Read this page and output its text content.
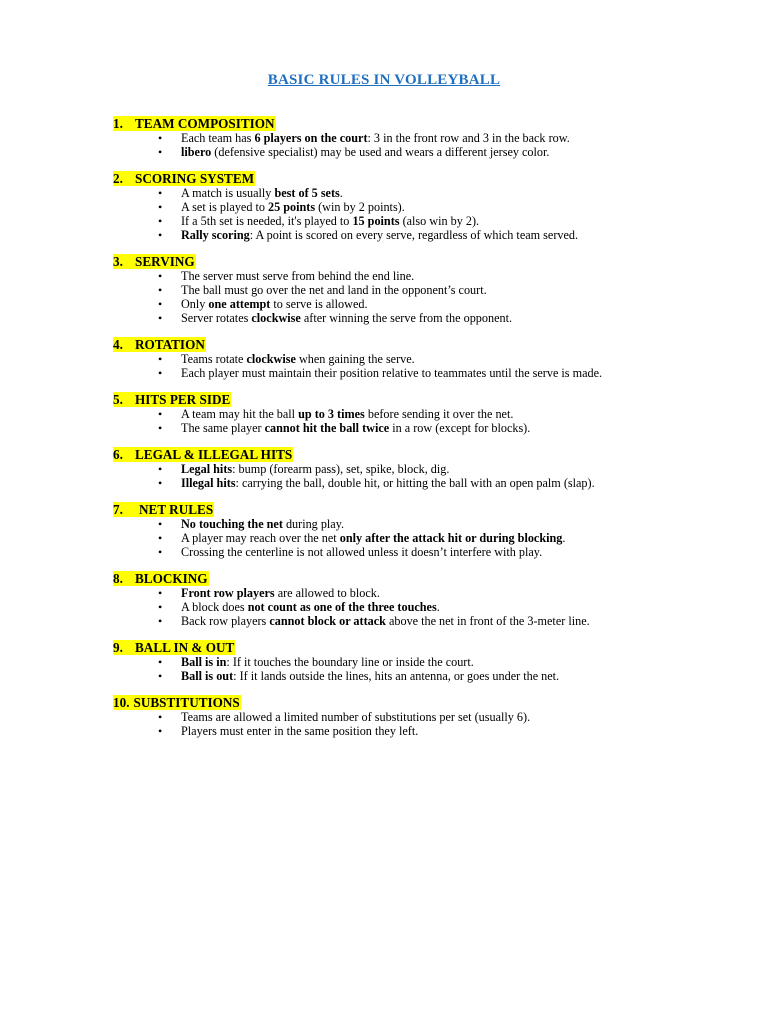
BASIC RULES IN VOLLEYBALL
1. TEAM COMPOSITION
• Each team has 6 players on the court: 3 in the front row and 3 in the back row.
• libero (defensive specialist) may be used and wears a different jersey color.
2. SCORING SYSTEM
• A match is usually best of 5 sets.
• A set is played to 25 points (win by 2 points).
• If a 5th set is needed, it's played to 15 points (also win by 2).
• Rally scoring: A point is scored on every serve, regardless of which team served.
3. SERVING
• The server must serve from behind the end line.
• The ball must go over the net and land in the opponent’s court.
• Only one attempt to serve is allowed.
• Server rotates clockwise after winning the serve from the opponent.
4. ROTATION
• Teams rotate clockwise when gaining the serve.
• Each player must maintain their position relative to teammates until the serve is made.
5. HITS PER SIDE
• A team may hit the ball up to 3 times before sending it over the net.
• The same player cannot hit the ball twice in a row (except for blocks).
6. LEGAL & ILLEGAL HITS
• Legal hits: bump (forearm pass), set, spike, block, dig.
• Illegal hits: carrying the ball, double hit, or hitting the ball with an open palm (slap).
7. NET RULES
• No touching the net during play.
• A player may reach over the net only after the attack hit or during blocking.
• Crossing the centerline is not allowed unless it doesn’t interfere with play.
8. BLOCKING
• Front row players are allowed to block.
• A block does not count as one of the three touches.
• Back row players cannot block or attack above the net in front of the 3-meter line.
9. BALL IN & OUT
• Ball is in: If it touches the boundary line or inside the court.
• Ball is out: If it lands outside the lines, hits an antenna, or goes under the net.
10. SUBSTITUTIONS
• Teams are allowed a limited number of substitutions per set (usually 6).
• Players must enter in the same position they left.
